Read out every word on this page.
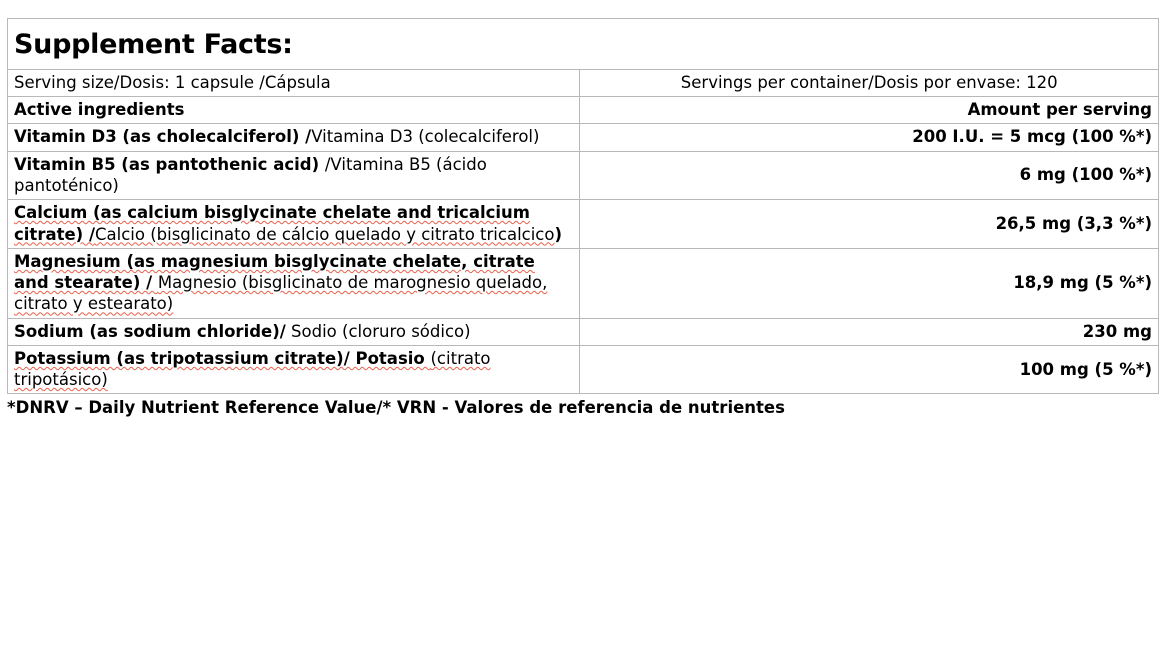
Supplement Facts:	
Serving size/Dosis: 1 capsule /Cápsula	Servings per container/Dosis por envase: 120
Active ingredients	Amount per serving
Vitamin D3 (as cholecalciferol) /Vitamina D3 (colecalciferol)	200 I.U. = 5 mcg (100 %*)
Vitamin B5 (as pantothenic acid) /Vitamina B5 (ácido pantoténico)	6 mg (100 %*)
Calcium (as calcium bisglycinate chelate and tricalcium citrate) /Calcio (bisglicinato de cálcio quelado y citrato tricalcico)	26,5 mg (3,3 %*)
Magnesium (as magnesium bisglycinate chelate, citrate and stearate) / Magnesio (bisglicinato de marognesio quelado, citrato y estearato)	18,9 mg (5 %*)
Sodium (as sodium chloride)/ Sodio (cloruro sódico)	230 mg
Potassium (as tripotassium citrate)/ Potasio (citrato tripotásico)	100 mg (5 %*)
*DNRV – Daily Nutrient Reference Value/* VRN - Valores de referencia de nutrientes
